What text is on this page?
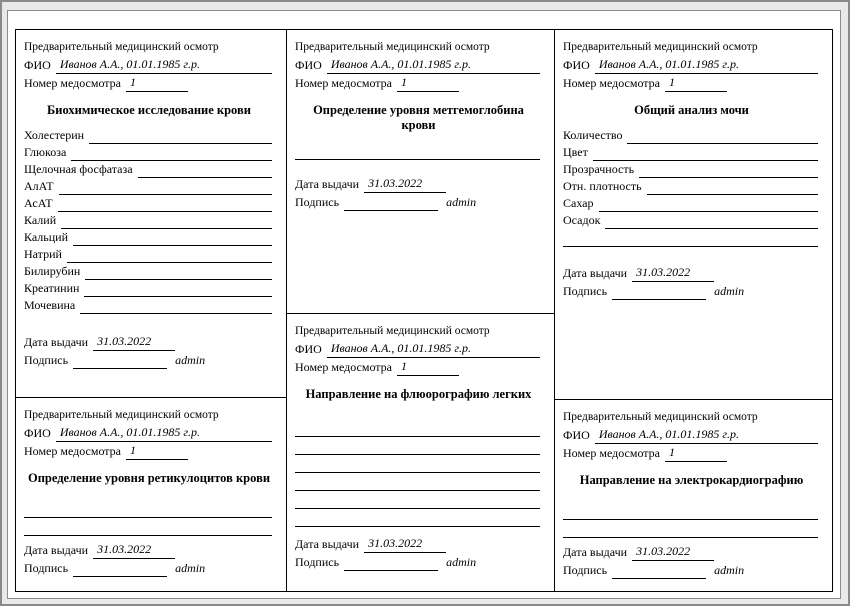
Предварительный медицинский осмотр
ФИО Иванов А.А., 01.01.1985 г.р.
Номер медосмотра 1
Биохимическое исследование крови
Холестерин
Глюкоза
Щелочная фосфатаза
АлАТ
АсАТ
Калий
Кальций
Натрий
Билирубин
Креатинин
Мочевина
Дата выдачи 31.03.2022
Подпись	admin
Предварительный медицинский осмотр
ФИО Иванов А.А., 01.01.1985 г.р.
Номер медосмотра 1
Определение уровня ретикулоцитов крови
Дата выдачи 31.03.2022
Подпись	admin
Предварительный медицинский осмотр
ФИО Иванов А.А., 01.01.1985 г.р.
Номер медосмотра 1
Определение уровня метгемоглобина крови
Дата выдачи 31.03.2022
Подпись	admin
Предварительный медицинский осмотр
ФИО Иванов А.А., 01.01.1985 г.р.
Номер медосмотра 1
Направление на флюорографию легких
Дата выдачи 31.03.2022
Подпись	admin
Предварительный медицинский осмотр
ФИО Иванов А.А., 01.01.1985 г.р.
Номер медосмотра 1
Общий анализ мочи
Количество
Цвет
Прозрачность
Отн. плотность
Сахар
Осадок
Дата выдачи 31.03.2022
Подпись	admin
Предварительный медицинский осмотр
ФИО Иванов А.А., 01.01.1985 г.р.
Номер медосмотра 1
Направление на электрокардиографию
Дата выдачи 31.03.2022
Подпись	admin
